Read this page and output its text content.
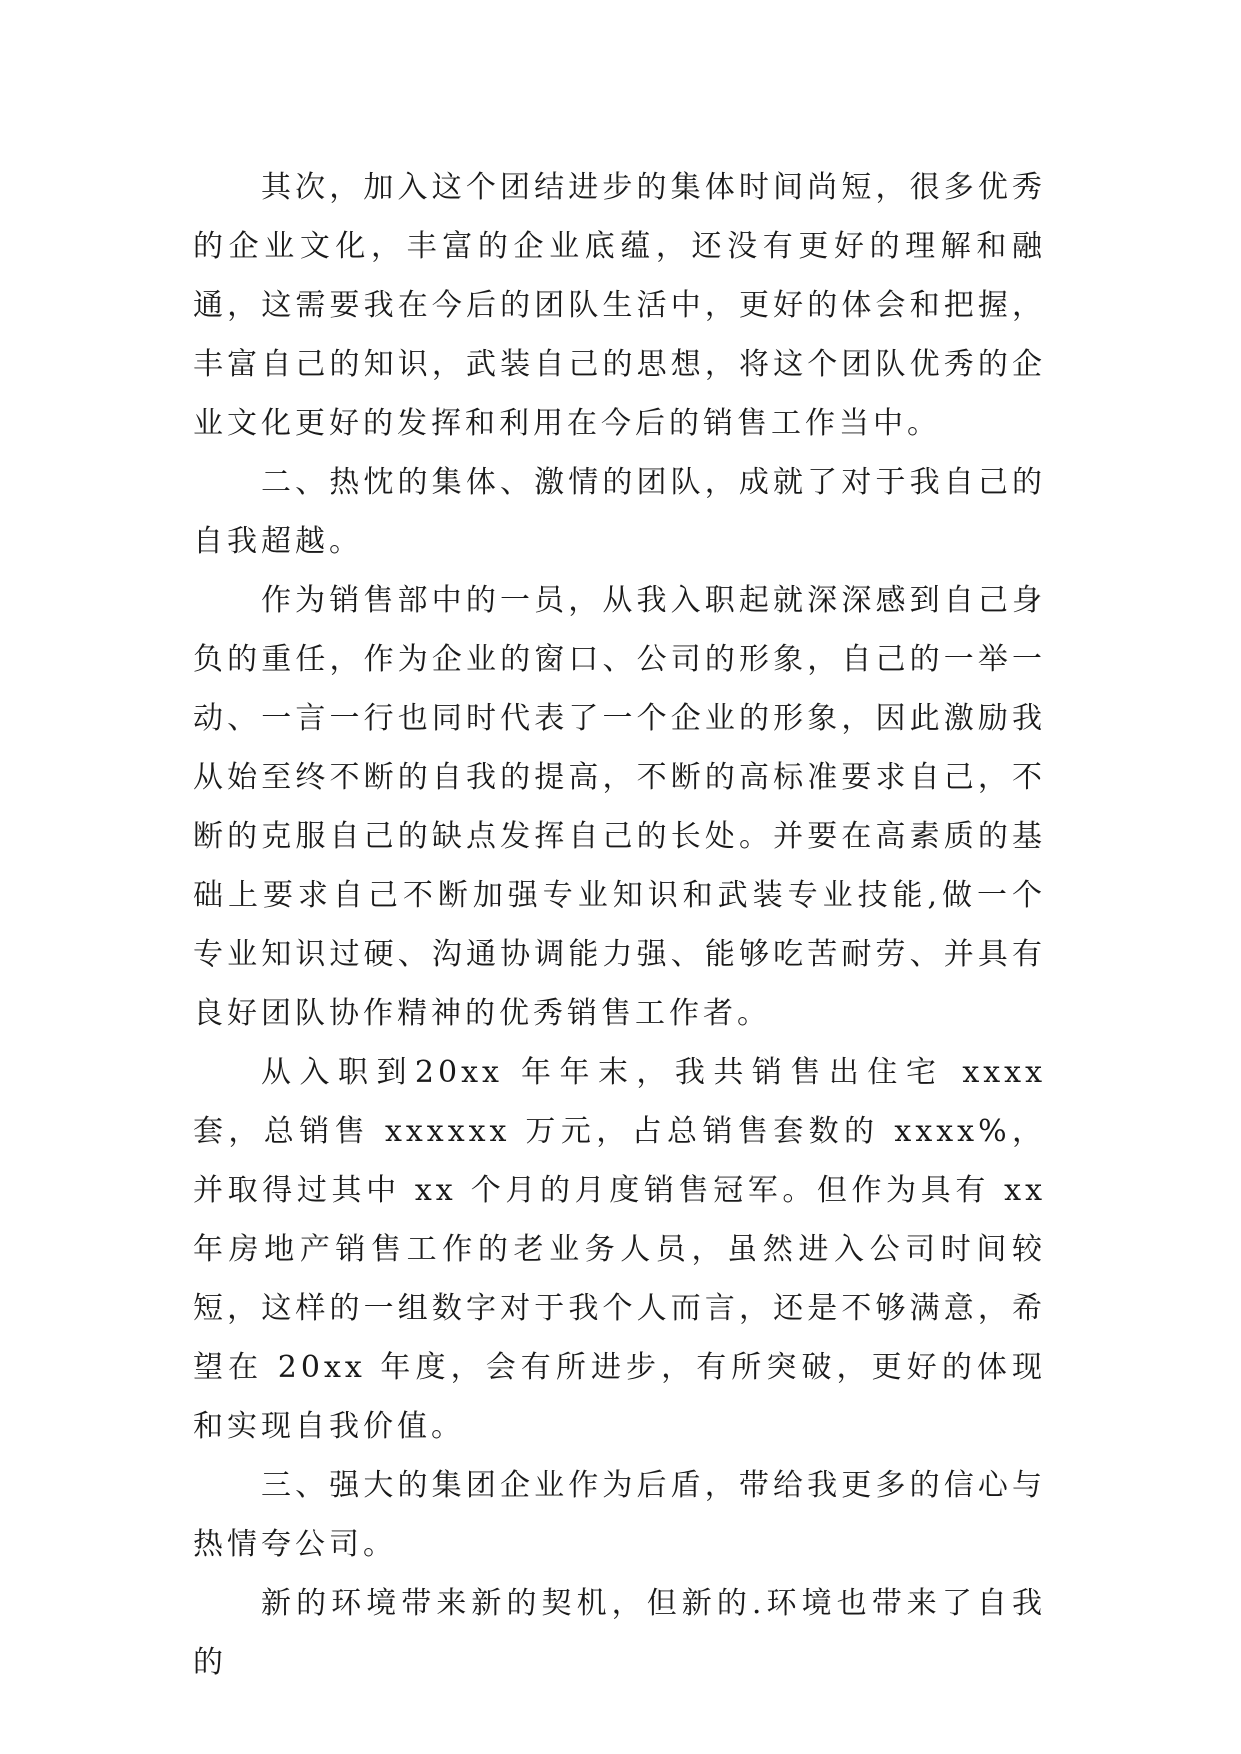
其次，加入这个团结进步的集体时间尚短，很多优秀的企业文化，丰富的企业底蕴，还没有更好的理解和融通，这需要我在今后的团队生活中，更好的体会和把握，丰富自己的知识，武装自己的思想，将这个团队优秀的企业文化更好的发挥和利用在今后的销售工作当中。

二、热忱的集体、激情的团队，成就了对于我自己的自我超越。

作为销售部中的一员，从我入职起就深深感到自己身负的重任，作为企业的窗口、公司的形象，自己的一举一动、一言一行也同时代表了一个企业的形象，因此激励我从始至终不断的自我的提高，不断的高标准要求自己，不断的克服自己的缺点发挥自己的长处。并要在高素质的基础上要求自己不断加强专业知识和武装专业技能,做一个专业知识过硬、沟通协调能力强、能够吃苦耐劳、并具有良好团队协作精神的优秀销售工作者。

从入职到20xx 年年末，我共销售出住宅 xxxx 套，总销售 xxxxxx 万元，占总销售套数的 xxxx%，并取得过其中 xx 个月的月度销售冠军。但作为具有 xx 年房地产销售工作的老业务人员，虽然进入公司时间较短，这样的一组数字对于我个人而言，还是不够满意，希望在 20xx 年度，会有所进步，有所突破，更好的体现和实现自我价值。

三、强大的集团企业作为后盾，带给我更多的信心与热情夸公司。

新的环境带来新的契机，但新的.环境也带来了自我的
